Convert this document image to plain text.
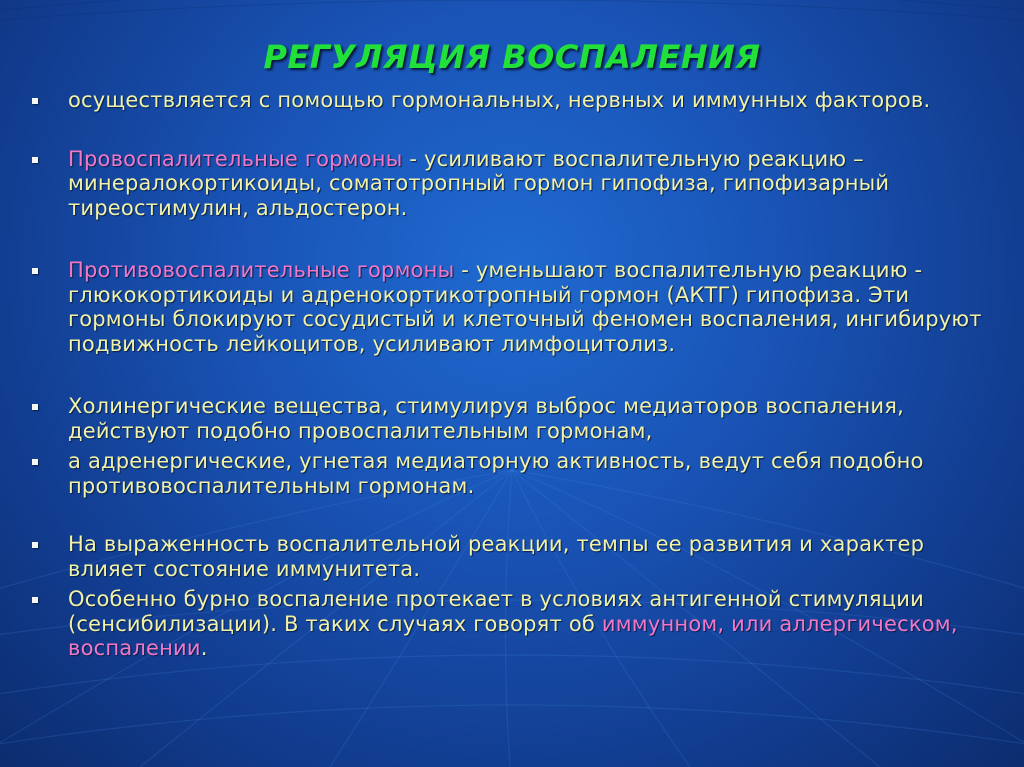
РЕГУЛЯЦИЯ ВОСПАЛЕНИЯ
осуществляется с помощью гормональных, нервных и иммунных факторов.
Провоспалительные гормоны - усиливают воспалительную реакцию – минералокортикоиды, соматотропный гормон гипофиза, гипофизарный тиреостимулин, альдостерон.
Противовоспалительные гормоны - уменьшают воспалительную реакцию - глюкокортикоиды и адренокортикотропный гормон (АКТГ) гипофиза. Эти гормоны блокируют сосудистый и клеточный феномен воспаления, ингибируют подвижность лейкоцитов, усиливают лимфоцитолиз.
Холинергические вещества, стимулируя выброс медиаторов воспаления, действуют подобно провоспалительным гормонам,
а адренергические, угнетая медиаторную активность, ведут себя подобно противовоспалительным гормонам.
На выраженность воспалительной реакции, темпы ее развития и характер влияет состояние иммунитета.
Особенно бурно воспаление протекает в условиях антигенной стимуляции (сенсибилизации). В таких случаях говорят об иммунном, или аллергическом, воспалении.
